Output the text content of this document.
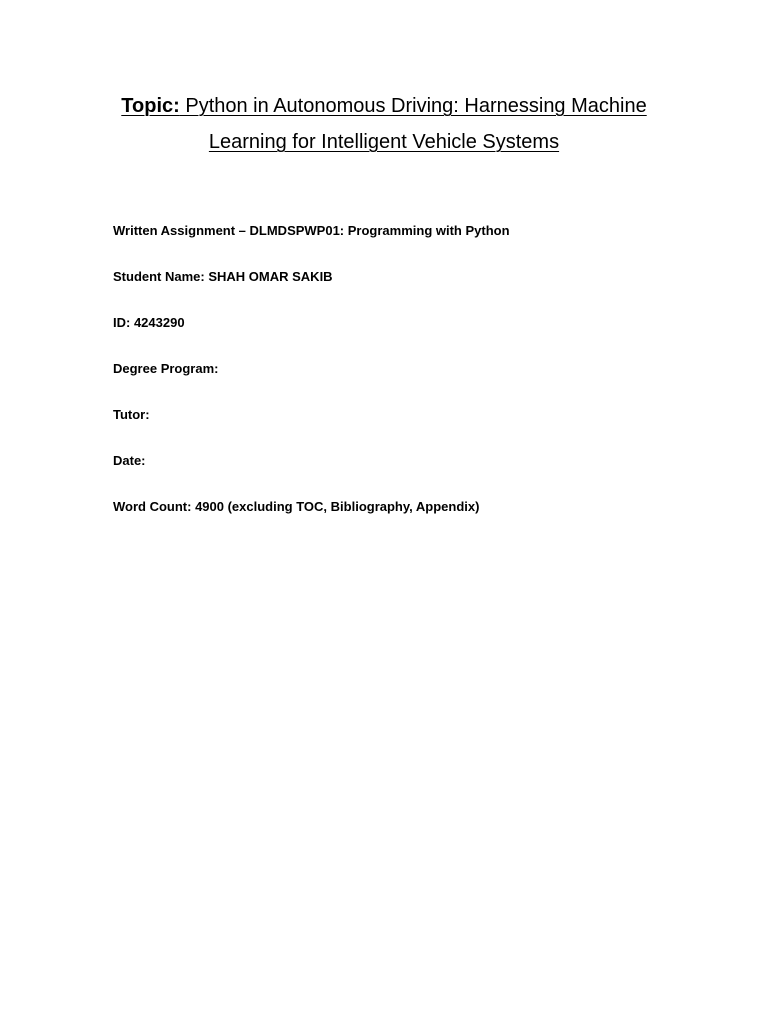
Topic: Python in Autonomous Driving: Harnessing Machine Learning for Intelligent Vehicle Systems
Written Assignment – DLMDSPWP01: Programming with Python
Student Name: SHAH OMAR SAKIB
ID: 4243290
Degree Program:
Tutor:
Date:
Word Count: 4900 (excluding TOC, Bibliography, Appendix)
